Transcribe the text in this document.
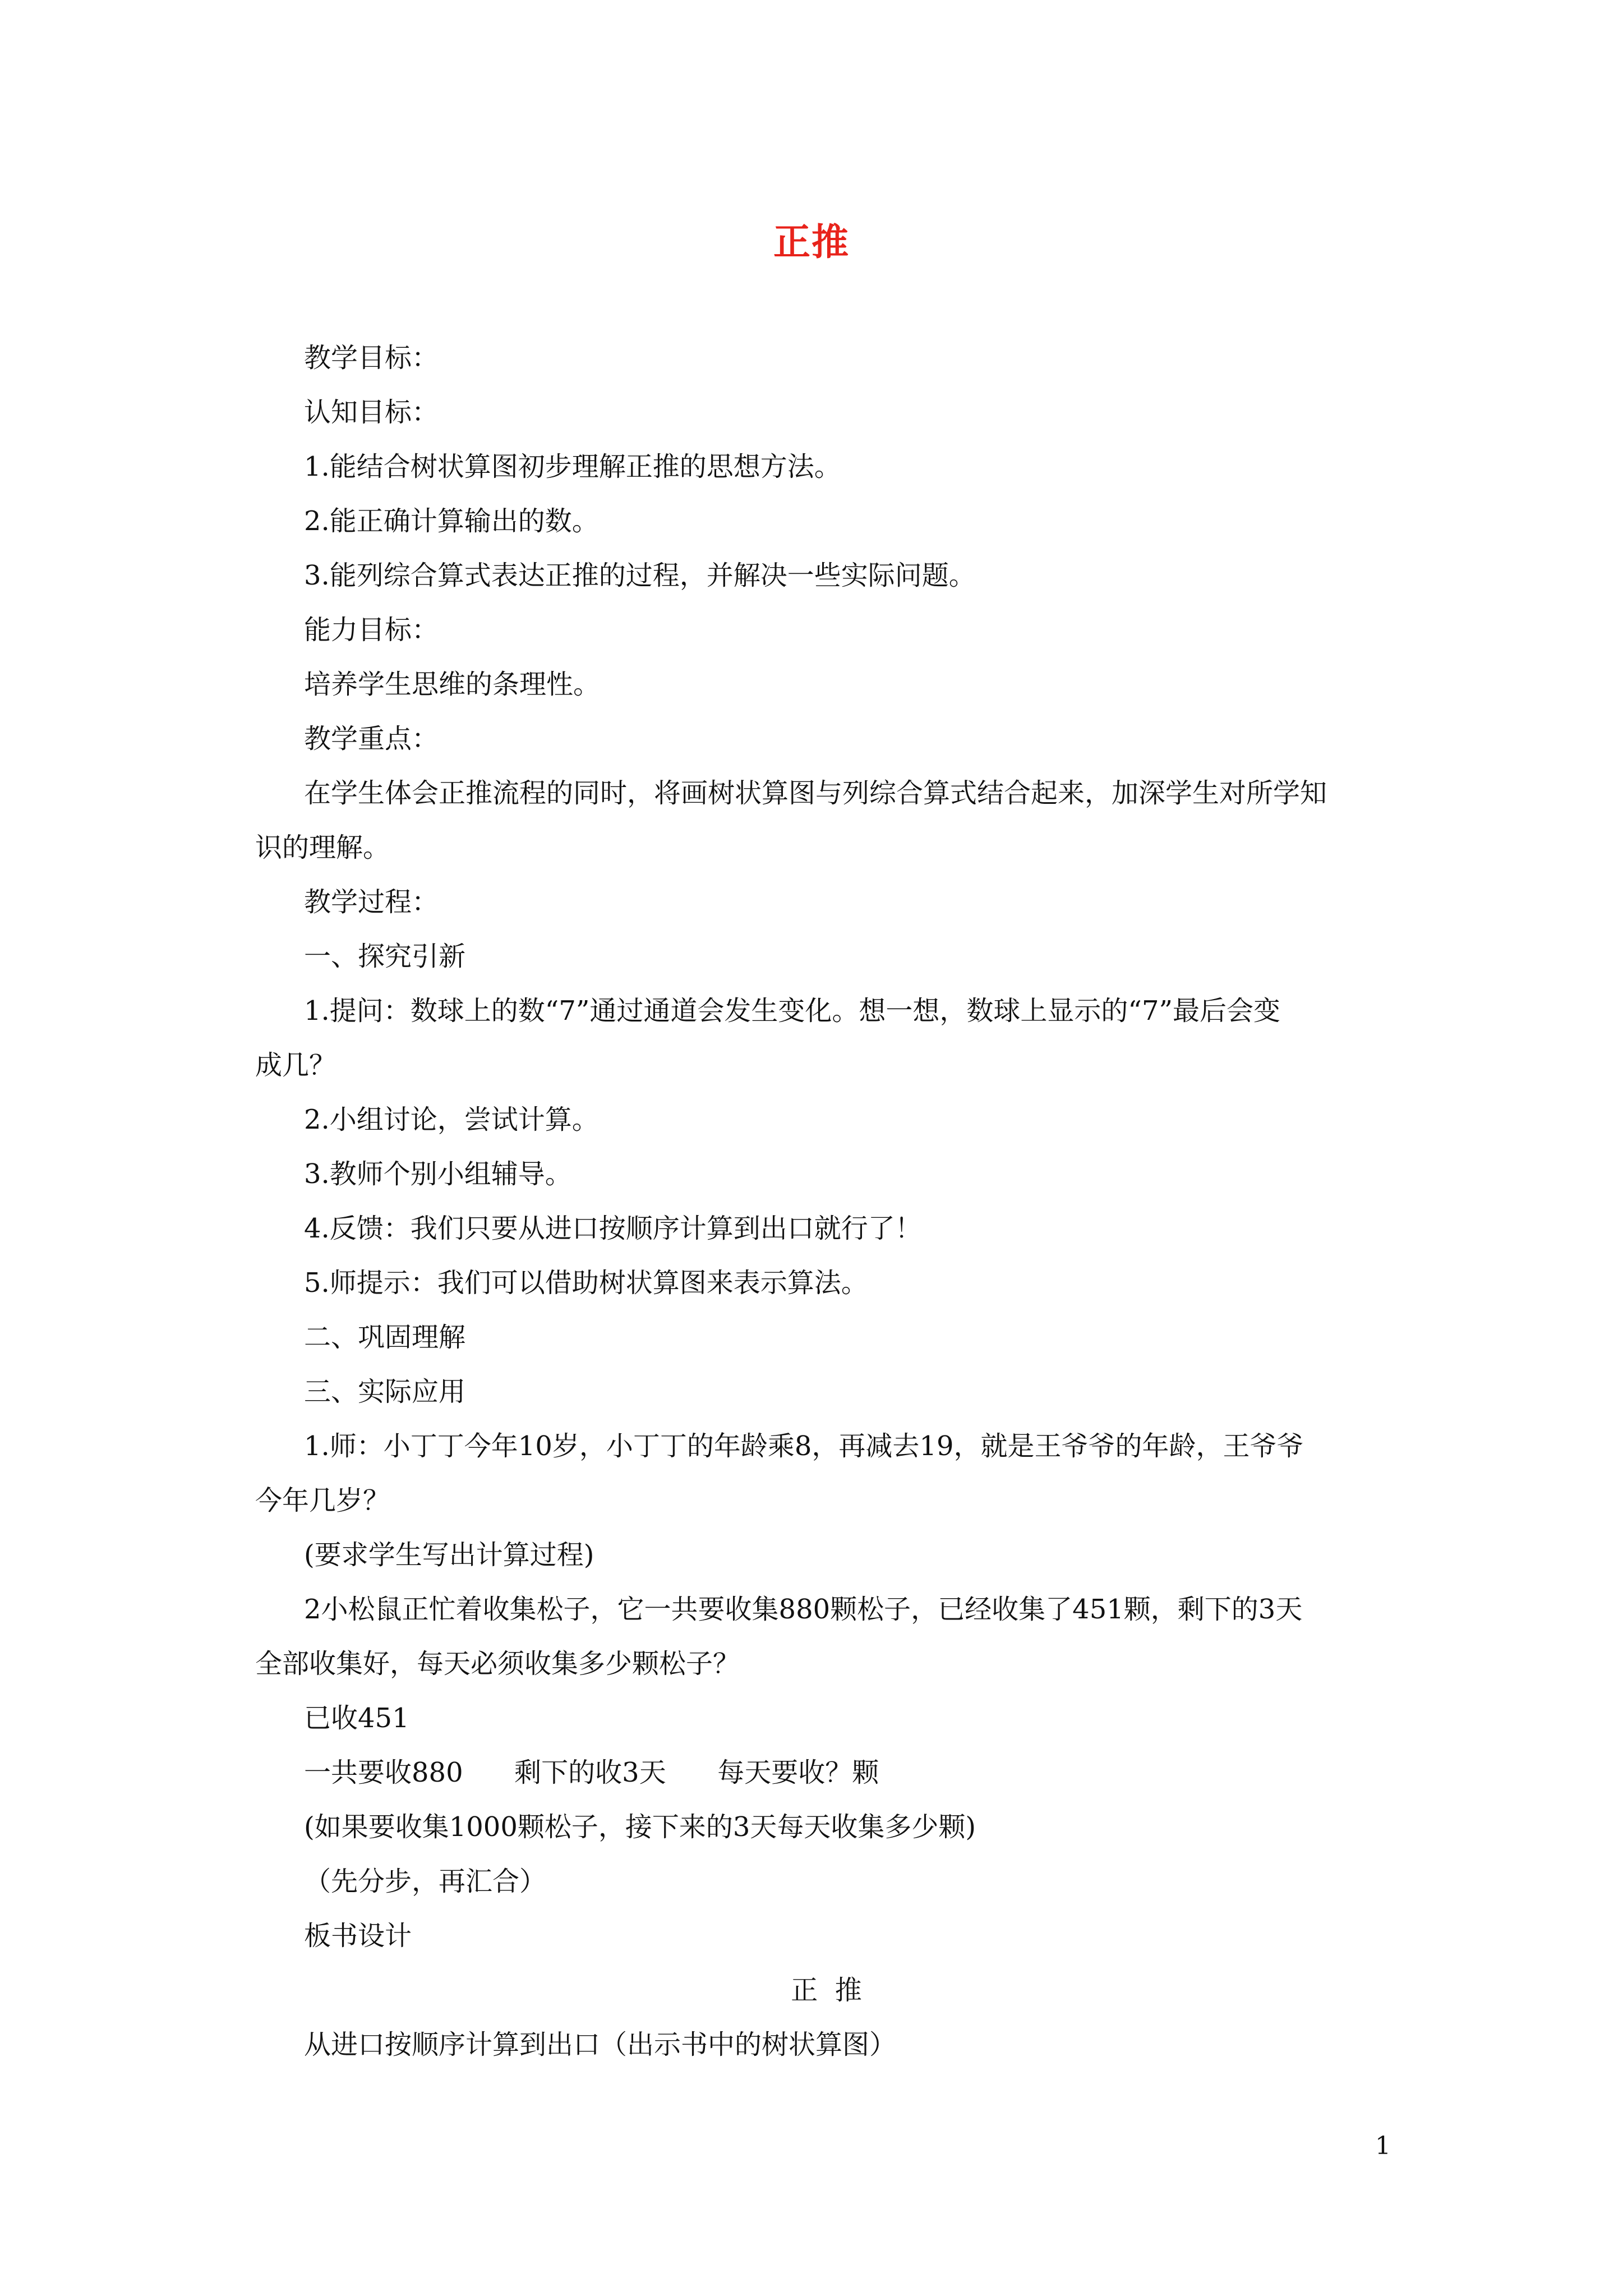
正推
教学目标：
认知目标：
1.能结合树状算图初步理解正推的思想方法。
2.能正确计算输出的数。
3.能列综合算式表达正推的过程，并解决一些实际问题。
能力目标：
培养学生思维的条理性。
教学重点：
在学生体会正推流程的同时，将画树状算图与列综合算式结合起来，加深学生对所学知
识的理解。
教学过程：
一、探究引新
1.提问：数球上的数“7”通过通道会发生变化。想一想，数球上显示的“7”最后会变
成几？
2.小组讨论，尝试计算。
3.教师个别小组辅导。
4.反馈：我们只要从进口按顺序计算到出口就行了！
5.师提示：我们可以借助树状算图来表示算法。
二、巩固理解
三、实际应用
1.师：小丁丁今年10岁，小丁丁的年龄乘8，再减去19，就是王爷爷的年龄，王爷爷
今年几岁？
(要求学生写出计算过程)
2小松鼠正忙着收集松子，它一共要收集880颗松子，已经收集了451颗，剩下的3天
全部收集好，每天必须收集多少颗松子？
已收451
一共要收880      剩下的收3天      每天要收？颗
(如果要收集1000颗松子，接下来的3天每天收集多少颗)
（先分步，再汇合）
板书设计
正  推
从进口按顺序计算到出口（出示书中的树状算图）
1
